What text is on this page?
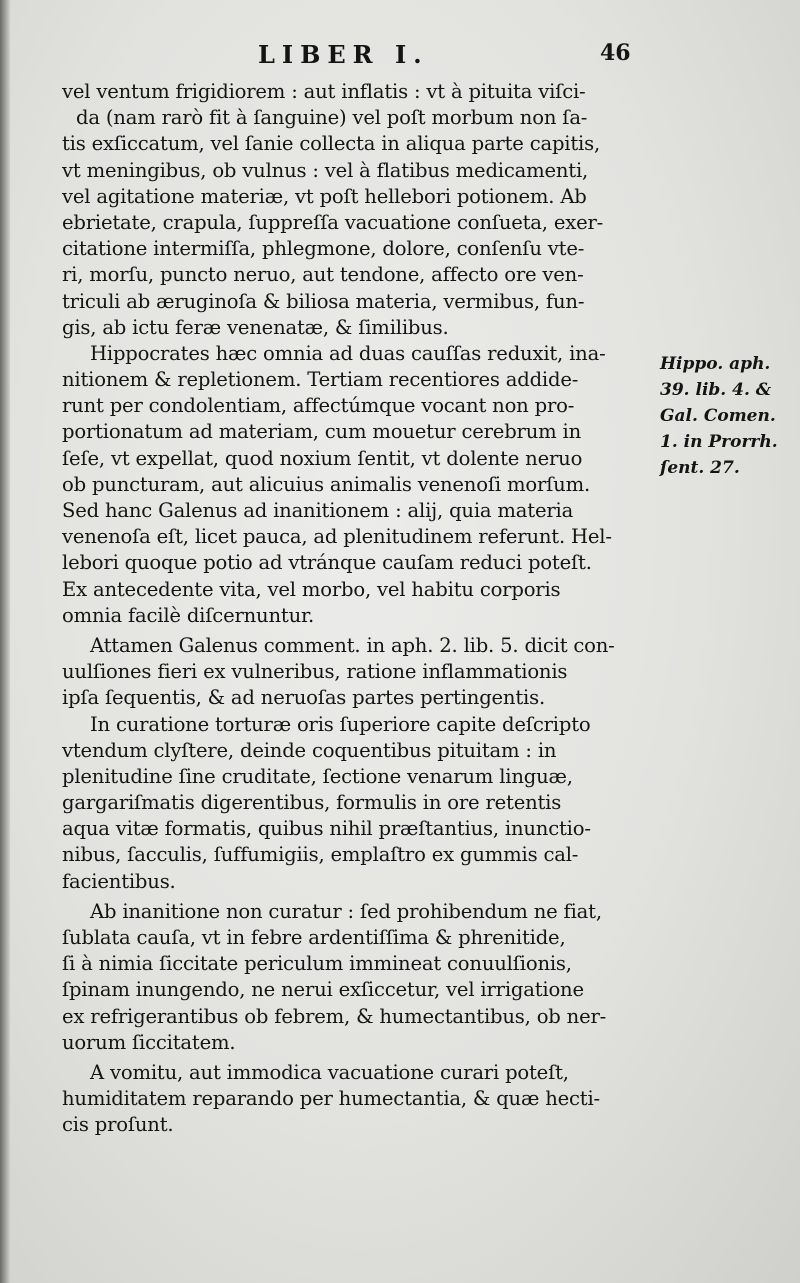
LIBER I.	46
vel ventum frigidiorem : aut inflatis : vt à pituita viſci-
da (nam rarò fit à ſanguine) vel poſt morbum non ſa-
tis exſiccatum, vel ſanie collecta in aliqua parte capitis,
vt meningibus, ob vulnus : vel à flatibus medicamenti,
vel agitatione materiæ, vt poſt hellebori potionem. Ab
ebrietate, crapula, ſuppreſſa vacuatione conſueta, exer-
citatione intermiſſa, phlegmone, dolore, conſenſu vte-
ri, morſu, puncto neruo, aut tendone, affecto ore ven-
triculi ab æruginoſa & biliosa materia, vermibus, fun-
gis, ab ictu feræ venenatæ, & ſimilibus.
Hippocrates hæc omnia ad duas cauſſas reduxit, ina-
nitionem & repletionem. Tertiam recentiores addide-
runt per condolentiam, affectúmque vocant non pro-
portionatum ad materiam, cum mouetur cerebrum in
ſeſe, vt expellat, quod noxium ſentit, vt dolente neruo
ob puncturam, aut alicuius animalis venenoſi morſum.
Sed hanc Galenus ad inanitionem : alij, quia materia
venenoſa eſt, licet pauca, ad plenitudinem referunt. Hel-
lebori quoque potio ad vtránque cauſam reduci poteſt.
Ex antecedente vita, vel morbo, vel habitu corporis
omnia facilè diſcernuntur.
Attamen Galenus comment. in aph. 2. lib. 5. dicit con-
uulſiones fieri ex vulneribus, ratione inflammationis
ipſa ſequentis, & ad neruoſas partes pertingentis.
In curatione torturæ oris ſuperiore capite deſcripto
vtendum clyſtere, deinde coquentibus pituitam : in
plenitudine ſine cruditate, ſectione venarum linguæ,
gargariſmatis digerentibus, formulis in ore retentis
aqua vitæ formatis, quibus nihil præſtantius, inunctio-
nibus, ſacculis, ſuffumigiis, emplaſtro ex gummis cal-
facientibus.
Ab inanitione non curatur : ſed prohibendum ne fiat,
ſublata cauſa, vt in febre ardentiſſima & phrenitide,
ſi à nimia ſiccitate periculum immineat conuulſionis,
ſpinam inungendo, ne nerui exſiccetur, vel irrigatione
ex refrigerantibus ob febrem, & humectantibus, ob ner-
uorum ſiccitatem.
A vomitu, aut immodica vacuatione curari poteſt,
humiditatem reparando per humectantia, & quæ hecti-
cis proſunt.
Hippo. aph.
39. lib. 4. &
Gal. Comen.
1. in Prorrh.
ſent. 27.
